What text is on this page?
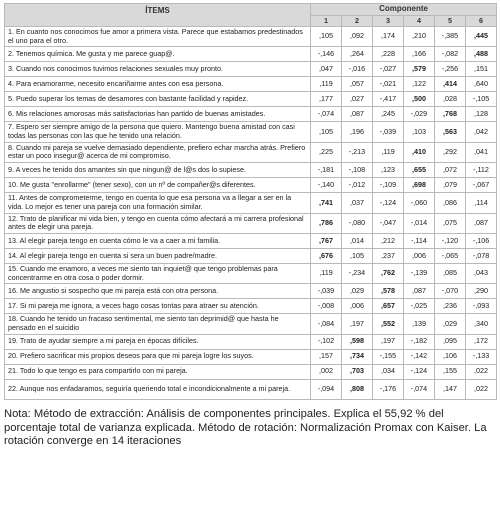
ÍTEMS	Componente					
	1	2	3	4	5	6
1. En cuanto nos conocimos fue amor a primera vista. Parece que estabamos predestinados el uno para el otro.	,105	,092	,174	,210	-,385	,445
2. Tenemos química. Me gusta y me parece guap@.	-,146	,264	,228	,166	-,082	,488
3. Cuando nos conocimos tuvimos relaciones sexuales muy pronto.	,047	-,016	-,027	,579	-,256	,151
4. Para enamorarme, necesito encariñarme antes con esa persona.	,119	,057	-,021	,122	,414	,640
5. Puedo superar los temas de desamores con bastante facilidad y rapidez.	,177	,027	-,417	,500	,028	-,105
6. Mis relaciones amorosas más satisfactorias han partido de buenas amistades.	-,074	,087	,245	-,029	,768	,128
7. Espero ser siempre amigo de la persona que quiero. Mantengo buena amistad con casi todas las personas con las que he tenido una relación.	,105	,196	-,039	,103	,563	,042
8. Cuando mi pareja se vuelve demasiado dependiente, prefiero echar marcha atrás. Prefiero estar un poco insegur@ acerca de mi compromiso.	,225	-,213	,119	,410	,292	,041
9. A veces he tenido dos amantes sin que ningun@ de l@s dos lo supiese.	-,181	-,108	,123	,655	,072	-,112
10. Me gusta "enrollarme" (tener sexo), con un nº de compañer@s diferentes.	-,140	-,012	-,109	,698	,079	-,067
11. Antes de comprometerme, tengo en cuenta lo que esa persona va a llegar a ser en la vida. Lo mejor es tener una pareja con una formación similar.	,741	,037	-,124	-,060	,086	,114
12. Trato de planificar mi vida bien, y tengo en cuenta cómo afectará a mi carrera profesional antes de elegir una pareja.	,786	-,080	-,047	-,014	,075	,087
13. Al elegir pareja tengo en cuenta cómo le va a caer a mi familia.	,767	,014	,212	-,114	-,120	-,106
14. Al elegir pareja tengo en cuenta si sera un buen padre/madre.	,676	,105	,237	,006	-,065	-,078
15. Cuando me enamoro, a veces me siento tan inquiet@ que tengo problemas para concentrarme en otra cosa o poder dormir.	,119	-,234	,762	-,139	,085	,043
16. Me angustio si sospecho que mi pareja está con otra persona.	-,039	,029	,578	,087	-,070	,290
17. Si mi pareja me ignora, a veces hago cosas tontas para atraer su atención.	-,008	,006	,657	-,025	,236	-,093
18. Cuando he tenido un fracaso sentimental, me siento tan deprimid@ que hasta he pensado en el suicidio	-,084	,197	,552	,139	,029	,340
19. Trato de ayudar siempre a mi pareja en épocas difíciles.	-,102	,598	,197	-,182	,095	,172
20. Prefiero sacrificar mis propios deseos para que mi pareja logre los suyos.	,157	,734	-,155	-,142	,106	-,133
21. Todo lo que tengo es para compartirlo con mi pareja.	,002	,703	,034	-,124	,155	,022
22. Aunque nos enfadaramos, seguiría queriendo total e incondicionalmente a mi pareja.	-,094	,808	-,176	-,074	,147	,022
Nota: Método de extracción: Análisis de componentes principales. Explica el 55,92 % del porcentaje total de varianza explicada. Método de rotación: Normalización Promax con Kaiser. La rotación converge en 14 iteraciones
